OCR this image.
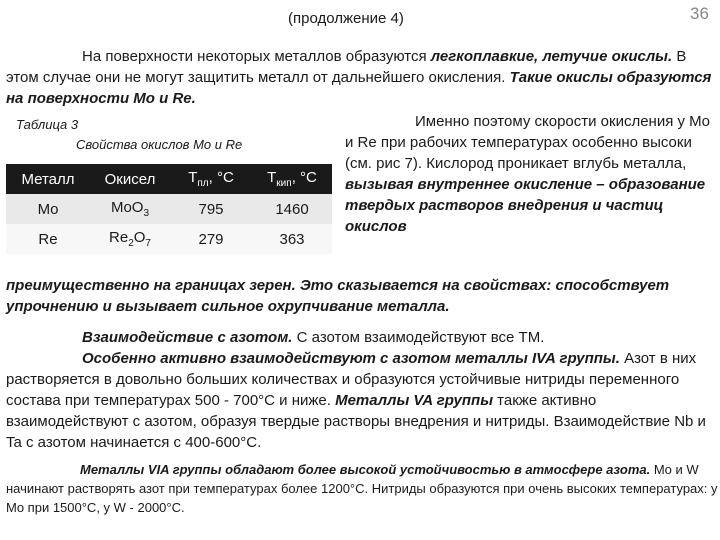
(продолжение 4)	36
На поверхности некоторых металлов образуются легкоплавкие, летучие окислы. В этом случае они не могут защитить металл от дальнейшего окисления. Такие окислы образуются на поверхности Mo и Re.
Таблица 3
Свойства окислов Mo и Re
Металл	Окисел	$T_{пл}$, °C	$T_{кип}$, °C
Mo	MoO$_3$	795	1460
Re	$Re_2O_7$	279	363
Именно поэтому скорости окисления у Mo и Re при рабочих температурах особенно высоки (см. рис 7). Кислород проникает вглубь металла, вызывая внутреннее окисление – образование твердых растворов внедрения и частиц окислов
преимущественно на границах зерен. Это сказывается на свойствах: способствует упрочнению и вызывает сильное охрупчивание металла.
Взаимодействие с азотом. С азотом взаимодействуют все ТМ.
Особенно активно взаимодействуют с азотом металлы IVA группы. Азот в них растворяется в довольно больших количествах и образуются устойчивые нитриды переменного состава при температурах 500 - 700°С и ниже. Металлы VA группы также активно взаимодействуют с азотом, образуя твердые растворы внедрения и нитриды. Взаимодействие Nb и Ta с азотом начинается с 400-600°С.
Металлы VIA группы обладают более высокой устойчивостью в атмосфере азота. Mo и W начинают растворять азот при температурах более 1200°С. Нитриды образуются при очень высоких температурах: у Mo при 1500°С, у W - 2000°С.
